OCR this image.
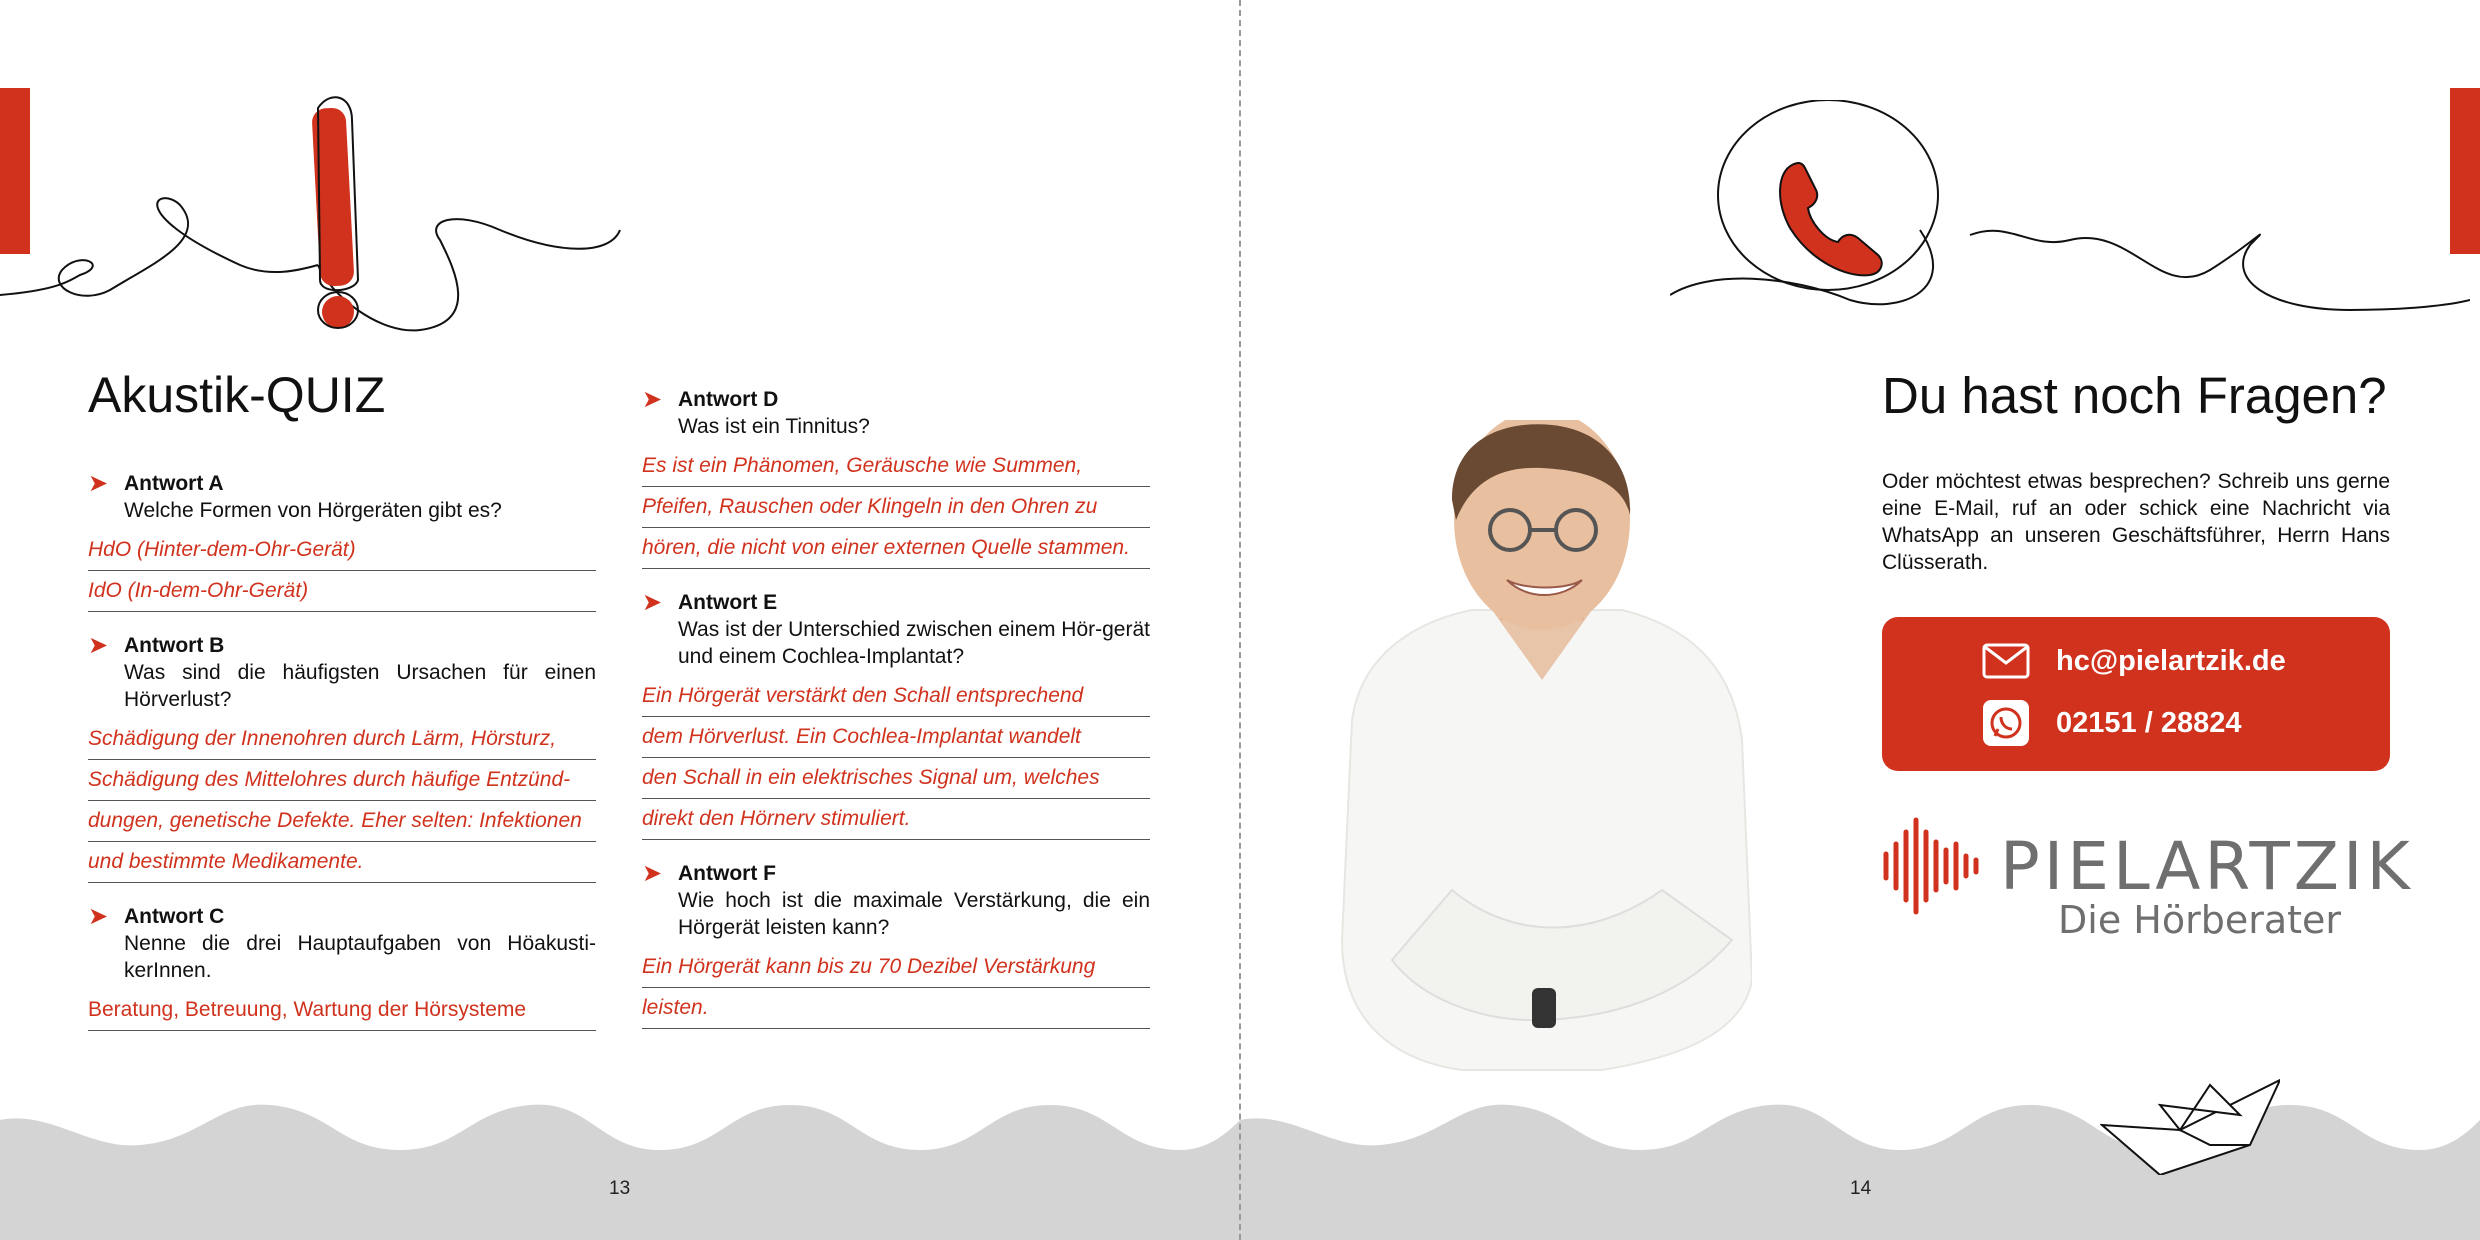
Akustik-QUIZ
➤ Antwort A
Welche Formen von Hörgeräten gibt es?
HdO (Hinter-dem-Ohr-Gerät)
IdO (In-dem-Ohr-Gerät)
➤ Antwort B
Was sind die häufigsten Ursachen für einen Hörverlust?
Schädigung der Innenohren durch Lärm, Hörsturz,
Schädigung des Mittelohres durch häufige Entzünd-
dungen, genetische Defekte. Eher selten: Infektionen
und bestimmte Medikamente.
➤ Antwort C
Nenne die drei Hauptaufgaben von Höakusti-kerInnen.
Beratung, Betreuung, Wartung der Hörsysteme
➤ Antwort D
Was ist ein Tinnitus?
Es ist ein Phänomen, Geräusche wie Summen,
Pfeifen, Rauschen oder Klingeln in den Ohren zu
hören, die nicht von einer externen Quelle stammen.
➤ Antwort E
Was ist der Unterschied zwischen einem Hör-gerät und einem Cochlea-Implantat?
Ein Hörgerät verstärkt den Schall entsprechend
dem Hörverlust. Ein Cochlea-Implantat wandelt
den Schall in ein elektrisches Signal um, welches
direkt den Hörnerv stimuliert.
➤ Antwort F
Wie hoch ist die maximale Verstärkung, die ein Hörgerät leisten kann?
Ein Hörgerät kann bis zu 70 Dezibel Verstärkung
leisten.
13
Du hast noch Fragen?

Oder möchtest etwas besprechen? Schreib uns gerne eine E-Mail, ruf an oder schick eine Nachricht via WhatsApp an unseren Geschäftsführer, Herrn Hans Clüsserath.

hc@pielartzik.de
02151 / 28824
PIELARTZIK
Die Hörberater
14
